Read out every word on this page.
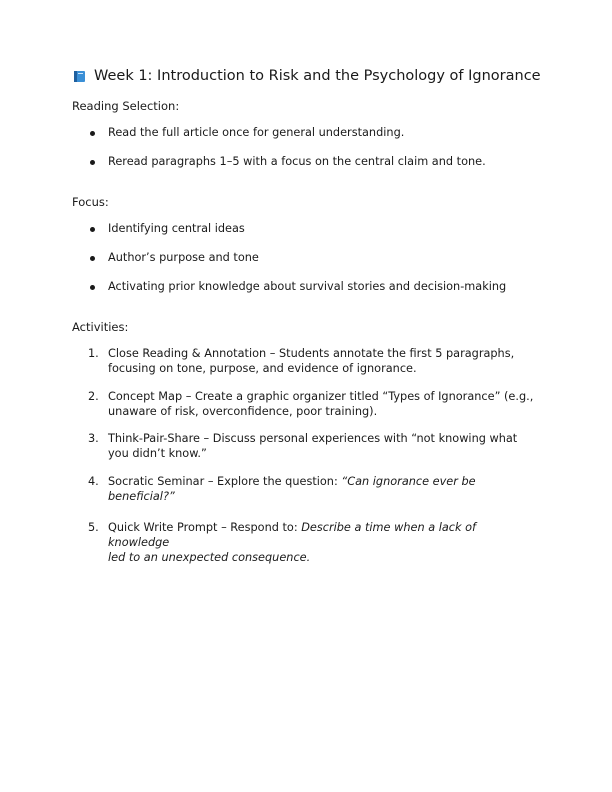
Week 1: Introduction to Risk and the Psychology of Ignorance
Reading Selection:
Read the full article once for general understanding.
Reread paragraphs 1–5 with a focus on the central claim and tone.
Focus:
Identifying central ideas
Author’s purpose and tone
Activating prior knowledge about survival stories and decision-making
Activities:
1. Close Reading & Annotation – Students annotate the first 5 paragraphs,
focusing on tone, purpose, and evidence of ignorance.
2. Concept Map – Create a graphic organizer titled “Types of Ignorance” (e.g.,
unaware of risk, overconfidence, poor training).
3. Think-Pair-Share – Discuss personal experiences with “not knowing what
you didn’t know.”
4. Socratic Seminar – Explore the question: “Can ignorance ever be
beneficial?”
5. Quick Write Prompt – Respond to: Describe a time when a lack of knowledge
led to an unexpected consequence.
